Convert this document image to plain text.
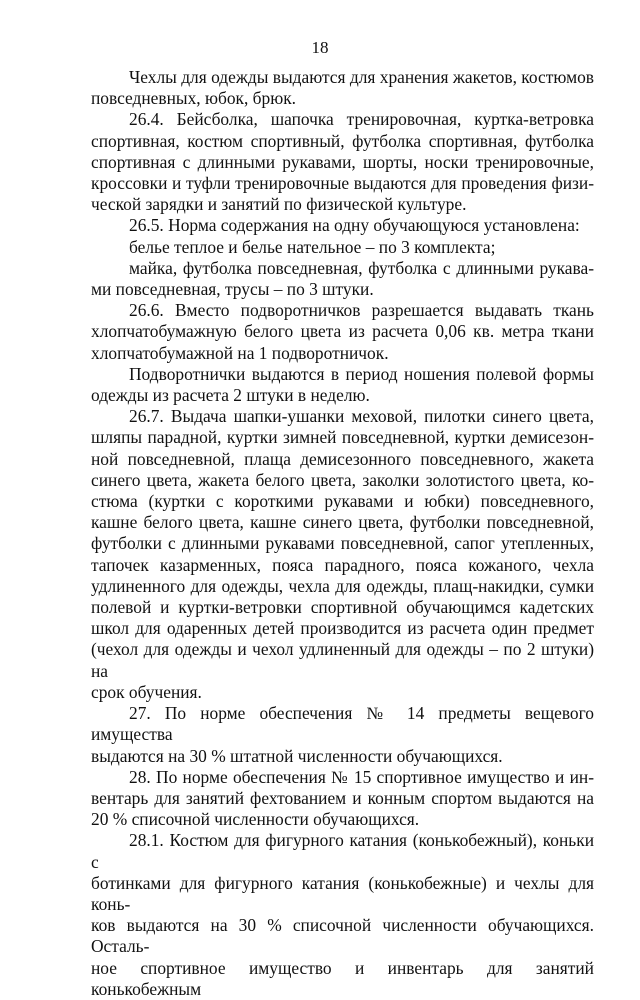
18

Чехлы для одежды выдаются для хранения жакетов, костюмов

повседневных, юбок, брюк.

26.4. Бейсболка, шапочка тренировочная, куртка-ветровка

спортивная, костюм спортивный, футболка спортивная, футболка

спортивная с длинными рукавами, шорты, носки тренировочные,

кроссовки и туфли тренировочные выдаются для проведения физи-

ческой зарядки и занятий по физической культуре.

26.5. Норма содержания на одну обучающуюся установлена:

белье теплое и белье нательное – по 3 комплекта;

майка, футболка повседневная, футболка с длинными рукава-

ми повседневная, трусы – по 3 штуки.

26.6. Вместо подворотничков разрешается выдавать ткань

хлопчатобумажную белого цвета из расчета 0,06 кв. метра ткани

хлопчатобумажной на 1 подворотничок.

Подворотнички выдаются в период ношения полевой формы

одежды из расчета 2 штуки в неделю.

26.7. Выдача шапки-ушанки меховой, пилотки синего цвета,

шляпы парадной, куртки зимней повседневной, куртки демисезон-

ной повседневной, плаща демисезонного повседневного, жакета

синего цвета, жакета белого цвета, заколки золотистого цвета, ко-

стюма (куртки с короткими рукавами и юбки) повседневного,

кашне белого цвета, кашне синего цвета, футболки повседневной,

футболки с длинными рукавами повседневной, сапог утепленных,

тапочек казарменных, пояса парадного, пояса кожаного, чехла

удлиненного для одежды, чехла для одежды, плащ-накидки, сумки

полевой и куртки-ветровки спортивной обучающимся кадетских

школ для одаренных детей производится из расчета один предмет

(чехол для одежды и чехол удлиненный для одежды – по 2 штуки) на

срок обучения.

27. По норме обеспечения № 14 предметы вещевого имущества

выдаются на 30 % штатной численности обучающихся.

28. По норме обеспечения № 15 спортивное имущество и ин-

вентарь для занятий фехтованием и конным спортом выдаются на

20 % списочной численности обучающихся.

28.1. Костюм для фигурного катания (конькобежный), коньки с

ботинками для фигурного катания (конькобежные) и чехлы для конь-

ков выдаются на 30 % списочной численности обучающихся. Осталь-

ное спортивное имущество и инвентарь для занятий конькобежным
